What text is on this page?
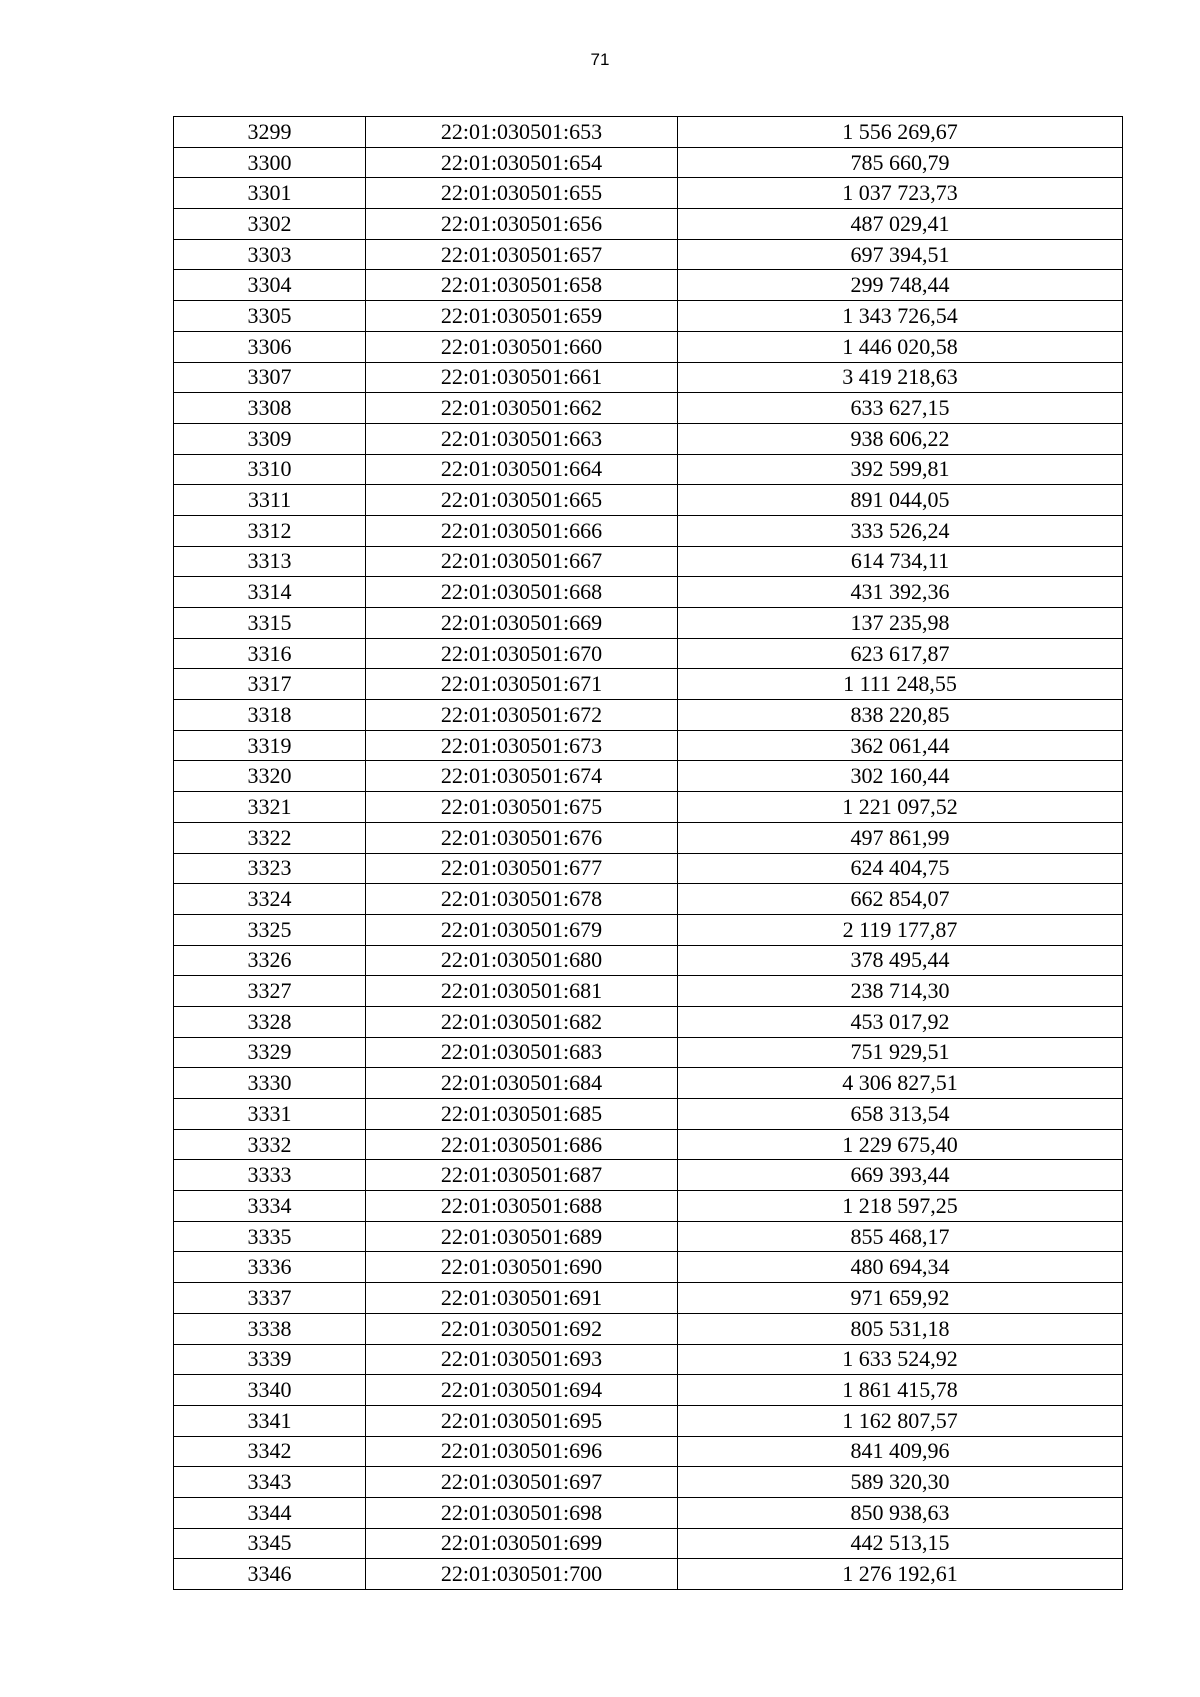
71
3299	22:01:030501:653	1 556 269,67
3300	22:01:030501:654	785 660,79
3301	22:01:030501:655	1 037 723,73
3302	22:01:030501:656	487 029,41
3303	22:01:030501:657	697 394,51
3304	22:01:030501:658	299 748,44
3305	22:01:030501:659	1 343 726,54
3306	22:01:030501:660	1 446 020,58
3307	22:01:030501:661	3 419 218,63
3308	22:01:030501:662	633 627,15
3309	22:01:030501:663	938 606,22
3310	22:01:030501:664	392 599,81
3311	22:01:030501:665	891 044,05
3312	22:01:030501:666	333 526,24
3313	22:01:030501:667	614 734,11
3314	22:01:030501:668	431 392,36
3315	22:01:030501:669	137 235,98
3316	22:01:030501:670	623 617,87
3317	22:01:030501:671	1 111 248,55
3318	22:01:030501:672	838 220,85
3319	22:01:030501:673	362 061,44
3320	22:01:030501:674	302 160,44
3321	22:01:030501:675	1 221 097,52
3322	22:01:030501:676	497 861,99
3323	22:01:030501:677	624 404,75
3324	22:01:030501:678	662 854,07
3325	22:01:030501:679	2 119 177,87
3326	22:01:030501:680	378 495,44
3327	22:01:030501:681	238 714,30
3328	22:01:030501:682	453 017,92
3329	22:01:030501:683	751 929,51
3330	22:01:030501:684	4 306 827,51
3331	22:01:030501:685	658 313,54
3332	22:01:030501:686	1 229 675,40
3333	22:01:030501:687	669 393,44
3334	22:01:030501:688	1 218 597,25
3335	22:01:030501:689	855 468,17
3336	22:01:030501:690	480 694,34
3337	22:01:030501:691	971 659,92
3338	22:01:030501:692	805 531,18
3339	22:01:030501:693	1 633 524,92
3340	22:01:030501:694	1 861 415,78
3341	22:01:030501:695	1 162 807,57
3342	22:01:030501:696	841 409,96
3343	22:01:030501:697	589 320,30
3344	22:01:030501:698	850 938,63
3345	22:01:030501:699	442 513,15
3346	22:01:030501:700	1 276 192,61
